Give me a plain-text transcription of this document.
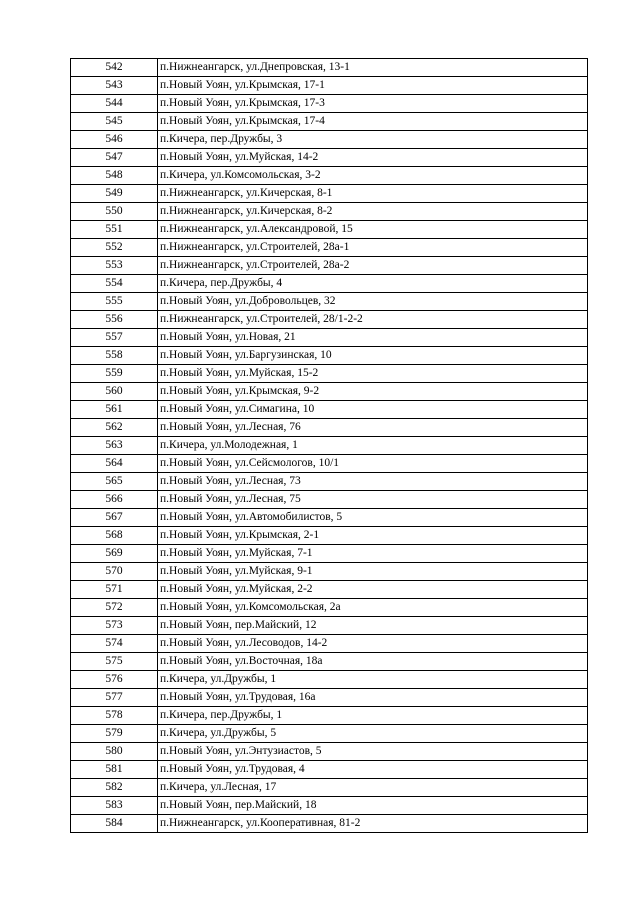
542	п.Нижнеангарск, ул.Днепровская, 13-1
543	п.Новый Уоян, ул.Крымская, 17-1
544	п.Новый Уоян, ул.Крымская, 17-3
545	п.Новый Уоян, ул.Крымская, 17-4
546	п.Кичера, пер.Дружбы, 3
547	п.Новый Уоян, ул.Муйская, 14-2
548	п.Кичера, ул.Комсомольская, 3-2
549	п.Нижнеангарск, ул.Кичерская, 8-1
550	п.Нижнеангарск, ул.Кичерская, 8-2
551	п.Нижнеангарск, ул.Александровой, 15
552	п.Нижнеангарск, ул.Строителей, 28а-1
553	п.Нижнеангарск, ул.Строителей, 28а-2
554	п.Кичера, пер.Дружбы, 4
555	п.Новый Уоян, ул.Добровольцев, 32
556	п.Нижнеангарск, ул.Строителей, 28/1-2-2
557	п.Новый Уоян, ул.Новая, 21
558	п.Новый Уоян, ул.Баргузинская, 10
559	п.Новый Уоян, ул.Муйская, 15-2
560	п.Новый Уоян, ул.Крымская, 9-2
561	п.Новый Уоян, ул.Симагина, 10
562	п.Новый Уоян, ул.Лесная, 76
563	п.Кичера, ул.Молодежная, 1
564	п.Новый Уоян, ул.Сейсмологов, 10/1
565	п.Новый Уоян, ул.Лесная, 73
566	п.Новый Уоян, ул.Лесная, 75
567	п.Новый Уоян, ул.Автомобилистов, 5
568	п.Новый Уоян, ул.Крымская, 2-1
569	п.Новый Уоян, ул.Муйская, 7-1
570	п.Новый Уоян, ул.Муйская, 9-1
571	п.Новый Уоян, ул.Муйская, 2-2
572	п.Новый Уоян, ул.Комсомольская, 2а
573	п.Новый Уоян, пер.Майский, 12
574	п.Новый Уоян, ул.Лесоводов, 14-2
575	п.Новый Уоян, ул.Восточная, 18а
576	п.Кичера, ул.Дружбы, 1
577	п.Новый Уоян, ул.Трудовая, 16а
578	п.Кичера, пер.Дружбы, 1
579	п.Кичера, ул.Дружбы, 5
580	п.Новый Уоян, ул.Энтузиастов, 5
581	п.Новый Уоян, ул.Трудовая, 4
582	п.Кичера, ул.Лесная, 17
583	п.Новый Уоян, пер.Майский, 18
584	п.Нижнеангарск, ул.Кооперативная, 81-2
